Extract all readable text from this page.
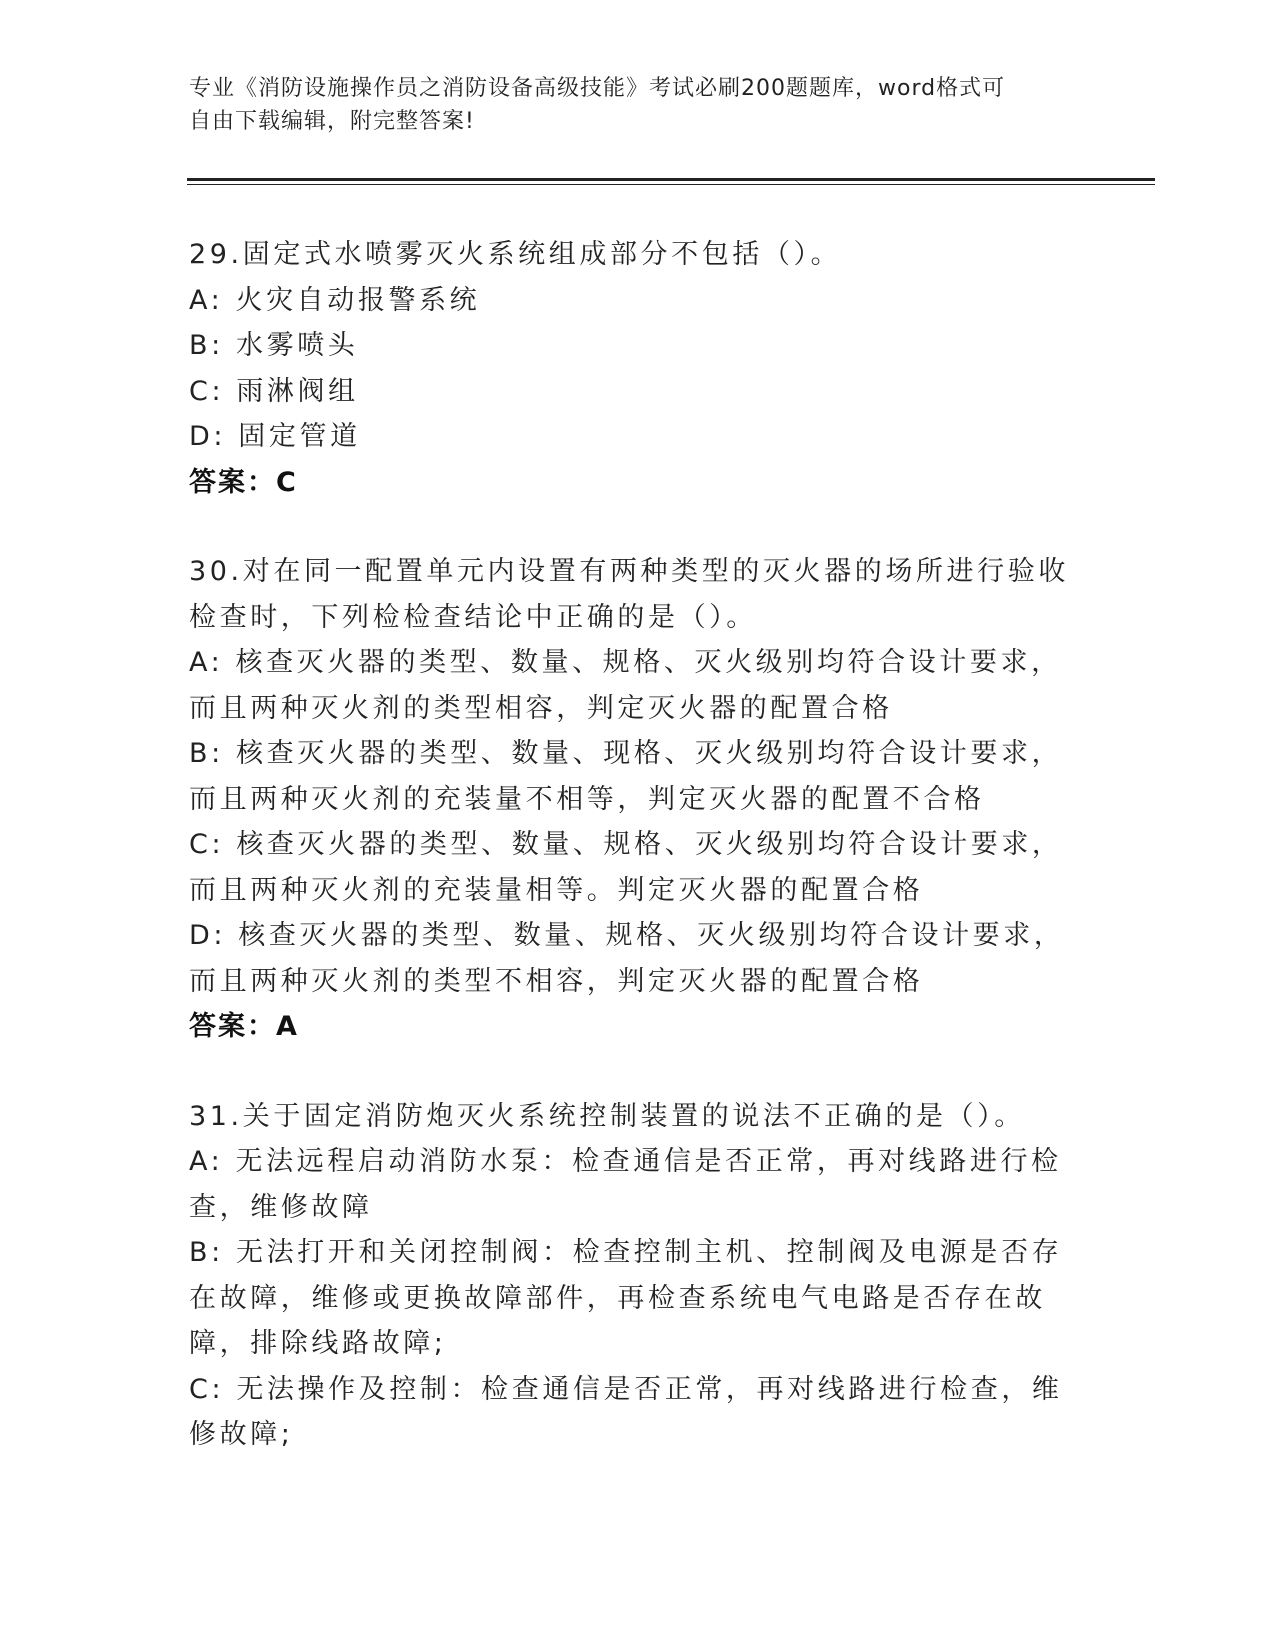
专业《消防设施操作员之消防设备高级技能》考试必刷200题题库，word格式可
自由下载编辑，附完整答案!
29.固定式水喷雾灭火系统组成部分不包括（）。
A: 火灾自动报警系统
B: 水雾喷头
C: 雨淋阀组
D: 固定管道
答案：C
30.对在同一配置单元内设置有两种类型的灭火器的场所进行验收检查时，下列检检查结论中正确的是（）。
A: 核查灭火器的类型、数量、规格、灭火级别均符合设计要求，而且两种灭火剂的类型相容，判定灭火器的配置合格
B: 核查灭火器的类型、数量、现格、灭火级别均符合设计要求，而且两种灭火剂的充装量不相等，判定灭火器的配置不合格
C: 核查灭火器的类型、数量、规格、灭火级别均符合设计要求，而且两种灭火剂的充装量相等。判定灭火器的配置合格
D: 核查灭火器的类型、数量、规格、灭火级别均符合设计要求，而且两种灭火剂的类型不相容，判定灭火器的配置合格
答案：A
31.关于固定消防炮灭火系统控制装置的说法不正确的是（）。
A: 无法远程启动消防水泵：检查通信是否正常，再对线路进行检查，维修故障
B: 无法打开和关闭控制阀：检查控制主机、控制阀及电源是否存在故障，维修或更换故障部件，再检查系统电气电路是否存在故障，排除线路故障;
C: 无法操作及控制：检查通信是否正常，再对线路进行检查，维修故障;
